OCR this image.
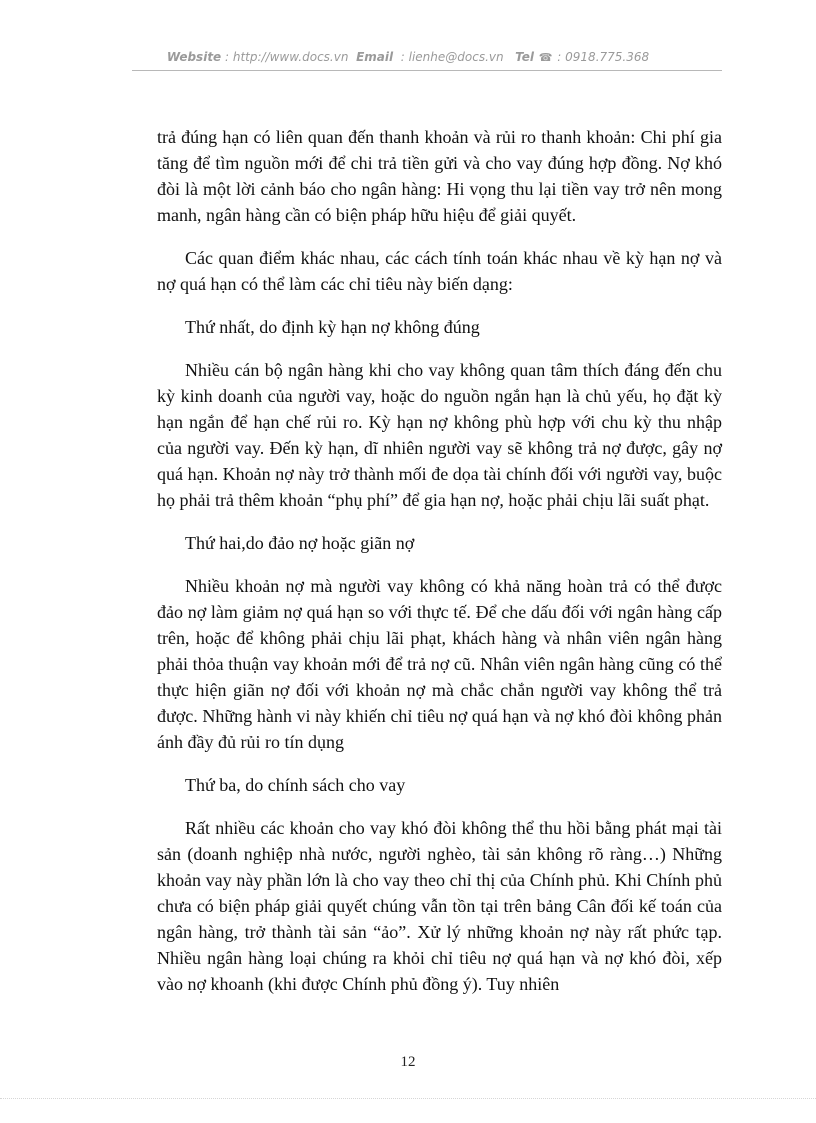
Website : http://www.docs.vn Email  : lienhe@docs.vn Tel ☎ : 0918.775.368

trả đúng hạn có liên quan đến thanh khoản và rủi ro thanh khoản: Chi phí gia tăng để tìm nguồn mới để chi trả tiền gửi và cho vay đúng hợp đồng. Nợ khó đòi là một lời cảnh báo cho ngân hàng: Hi vọng thu lại tiền vay trở nên mong manh, ngân hàng cần có biện pháp hữu hiệu để giải quyết.

Các quan điểm khác nhau, các cách tính toán khác nhau về kỳ hạn nợ và nợ quá hạn có thể làm các chỉ tiêu này biến dạng:

Thứ nhất, do định kỳ hạn nợ không đúng

Nhiều cán bộ ngân hàng khi cho vay không quan tâm thích đáng đến chu kỳ kinh doanh của người vay, hoặc do nguồn ngắn hạn là chủ yếu, họ đặt kỳ hạn ngắn để hạn chế rủi ro. Kỳ hạn nợ không phù hợp với chu kỳ thu nhập của người vay. Đến kỳ hạn, dĩ nhiên người vay sẽ không trả nợ được, gây nợ quá hạn. Khoản nợ này trở thành mối đe dọa tài chính đối với người vay, buộc họ phải trả thêm khoản “phụ phí” để gia hạn nợ, hoặc phải chịu lãi suất phạt.

Thứ hai,do đảo nợ hoặc giãn nợ

Nhiều khoản nợ mà người vay không có khả năng hoàn trả có thể được đảo nợ làm giảm nợ quá hạn so với thực tế. Để che dấu đối với ngân hàng cấp trên, hoặc để không phải chịu lãi phạt, khách hàng và nhân viên ngân hàng phải thỏa thuận vay khoản mới để trả nợ cũ. Nhân viên ngân hàng cũng có thể thực hiện giãn nợ đối với khoản nợ mà chắc chắn người vay không thể trả được. Những hành vi này khiến chỉ tiêu nợ quá hạn và nợ khó đòi không phản ánh đầy đủ rủi ro tín dụng

Thứ ba, do chính sách cho vay

Rất nhiều các khoản cho vay khó đòi không thể thu hồi bằng phát mại tài sản (doanh nghiệp nhà nước, người nghèo, tài sản không rõ ràng…) Những khoản vay này phần lớn là cho vay theo chỉ thị của Chính phủ. Khi Chính phủ chưa có biện pháp giải quyết chúng vẫn tồn tại trên bảng Cân đối kế toán của ngân hàng, trở thành tài sản “ảo”. Xử lý những khoản nợ này rất phức tạp. Nhiều ngân hàng loại chúng ra khỏi chỉ tiêu nợ quá hạn và nợ khó đòi, xếp vào nợ khoanh (khi được Chính phủ đồng ý). Tuy nhiên

12
